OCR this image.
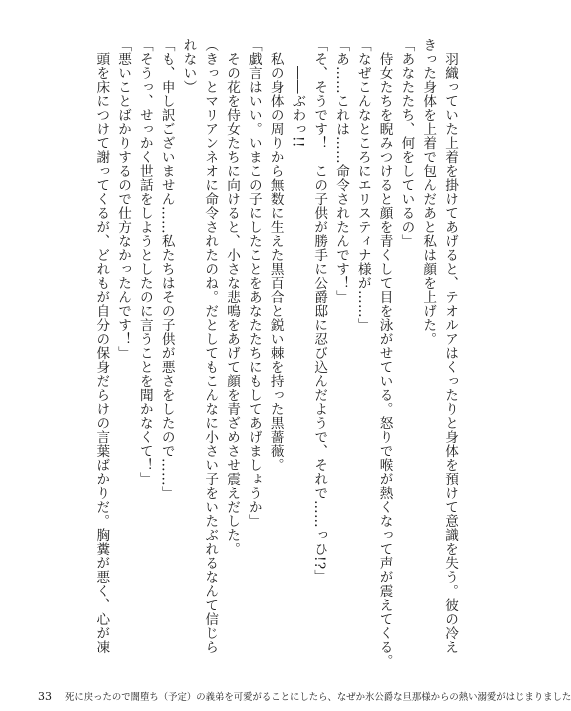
　羽織っていた上着を掛けてあげると、テオルアはくったりと身体を預けて意識を失う。彼の冷え
きった身体を上着で包んだあと私は顔を上げた。
「あなたたち、何をしているの」
　侍女たちを睨みつけると顔を青くして目を泳がせている。怒りで喉が熱くなって声が震えてくる。
「なぜこんなところにエリスティナ様が……」
「あ……これは……命令されたんです！」
「そ、そうです！　この子供が勝手に公爵邸に忍び込んだようで、それで……っひ!?」
　　――ぶわっ!!
　私の身体の周りから無数に生えた黒百合と鋭い棘を持った黒薔薇。
「戯言はいい。いまこの子にしたことをあなたたちにもしてあげましょうか」
　その花を侍女たちに向けると、小さな悲鳴をあげて顔を青ざめさせ震えだした。
（きっとマリアンネオに命令されたのね。だとしてもこんなに小さい子をいたぶれるなんて信じら
れない）
「も、申し訳ございません……私たちはその子供が悪さをしたので……」
「そうっ、せっかく世話をしようとしたのに言うことを聞かなくて！」
「悪いことばかりするので仕方なかったんです！」
　頭を床につけて謝ってくるが、どれもが自分の保身だらけの言葉ばかりだ。胸糞が悪く、心が凍
33 死に戻ったので闇堕ち（予定）の義弟を可愛がることにしたら、なぜか氷公爵な旦那様からの熱い溺愛がはじまりました
